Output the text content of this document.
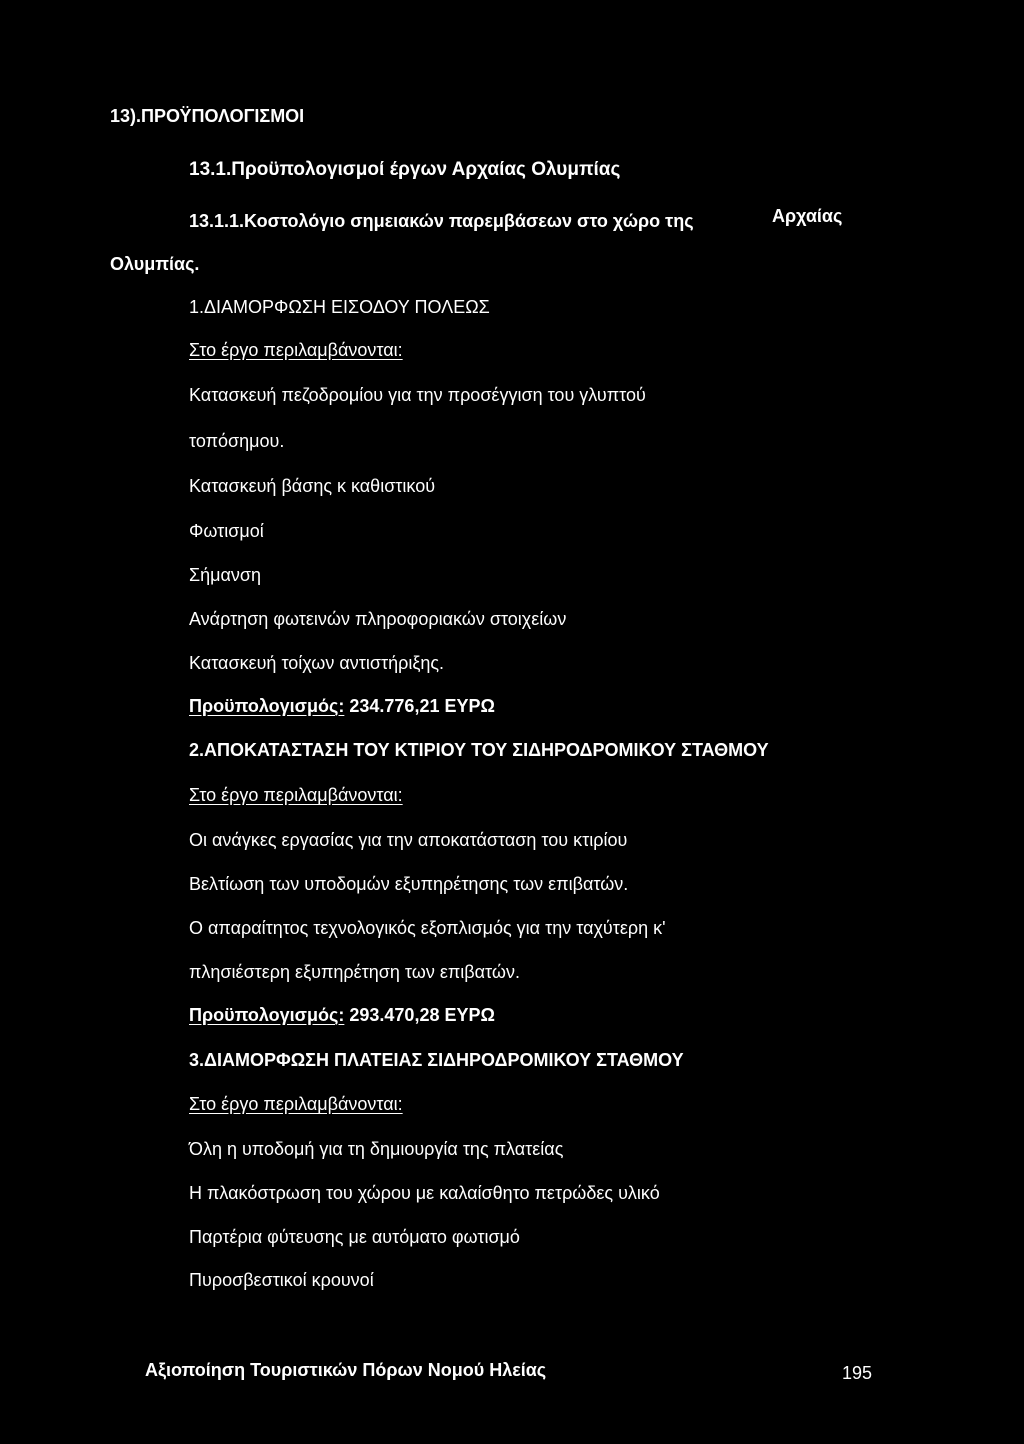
13).ΠΡΟΫΠΟΛΟΓΙΣΜΟΙ
13.1.Προϋπολογισμοί έργων Αρχαίας Ολυμπίας
13.1.1.Κοστολόγιο σημειακών παρεμβάσεων στο χώρο της	Αρχαίας
Ολυμπίας.
1.ΔΙΑΜΟΡΦΩΣΗ ΕΙΣΟΔΟΥ ΠΟΛΕΩΣ
Στο έργο περιλαμβάνονται:
Κατασκευή πεζοδρομίου για την προσέγγιση του γλυπτού
τοπόσημου.
Κατασκευή βάσης κ καθιστικού
Φωτισμοί
Σήμανση
Ανάρτηση φωτεινών πληροφοριακών στοιχείων
Κατασκευή τοίχων αντιστήριξης.
Προϋπολογισμός: 234.776,21 ΕΥΡΩ
2.ΑΠΟΚΑΤΑΣΤΑΣΗ ΤΟΥ ΚΤΙΡΙΟΥ ΤΟΥ ΣΙΔΗΡΟΔΡΟΜΙΚΟΥ ΣΤΑΘΜΟΥ
Στο έργο περιλαμβάνονται:
Οι ανάγκες εργασίας για την αποκατάσταση του κτιρίου
Βελτίωση των υποδομών εξυπηρέτησης των επιβατών.
Ο απαραίτητος τεχνολογικός εξοπλισμός για την ταχύτερη κ'
πλησιέστερη εξυπηρέτηση των επιβατών.
Προϋπολογισμός: 293.470,28 ΕΥΡΩ
3.ΔΙΑΜΟΡΦΩΣΗ ΠΛΑΤΕΙΑΣ ΣΙΔΗΡΟΔΡΟΜΙΚΟΥ ΣΤΑΘΜΟΥ
Στο έργο περιλαμβάνονται:
Όλη η υποδομή για τη δημιουργία της πλατείας
Η πλακόστρωση του χώρου με καλαίσθητο πετρώδες υλικό
Παρτέρια φύτευσης με αυτόματο φωτισμό
Πυροσβεστικοί κρουνοί
Αξιοποίηση Τουριστικών Πόρων Νομού Ηλείας	195
